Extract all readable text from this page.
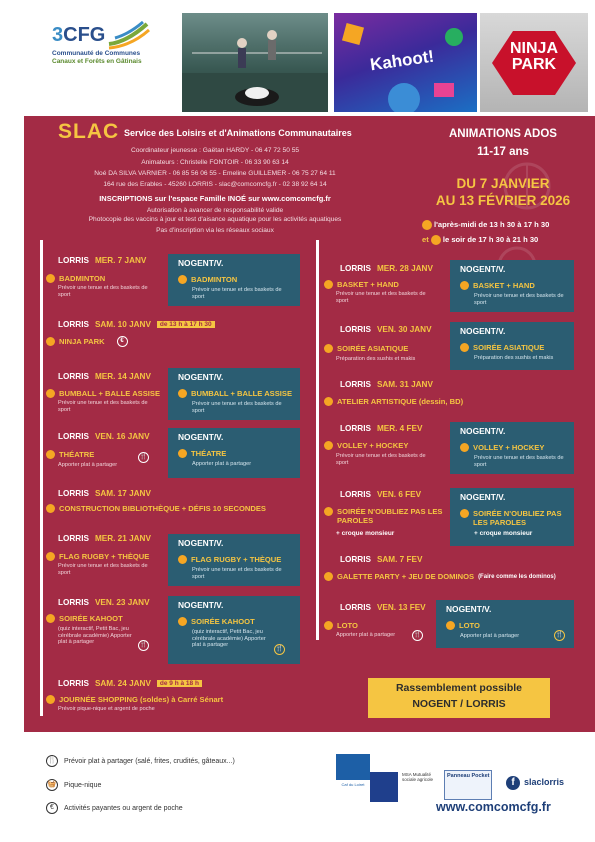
3 CFG
Communauté de Communes
Canaux et Forêts en Gâtinais	Kahoot!	NINJA PARK
SLAC Service des Loisirs et d'Animations Communautaires
Coordinateur jeunesse : Gaëtan HARDY - 06 47 72 50 55
Animateurs : Christelle FONTOIR - 06 33 90 63 14
Noé DA SILVA VARNIER - 06 85 56 06 55 - Emeline GUILLEMER - 06 75 27 64 11
164 rue des Erables - 45260 LORRIS - slac@comcomcfg.fr - 02 38 92 64 14
INSCRIPTIONS sur l'espace Famille INOÉ sur www.comcomcfg.fr
Autorisation à avancer de responsabilité valide
Photocopie des vaccins à jour et test d'aisance aquatique pour les activités aquatiques
Pas d'inscription via les réseaux sociaux
ANIMATIONS ADOS
11-17 ans
DU 7 JANVIER
AU 13 FÉVRIER 2026
l'après-midi de 13 h 30 à 17 h 30
et le soir de 17 h 30 à 21 h 30
LORRIS MER. 7 JANV
BADMINTON
Prévoir une tenue et des baskets de sport
NOGENT/V.
BADMINTON
Prévoir une tenue et des baskets de sport
LORRIS SAM. 10 JANV	de 13 h à 17 h 30
NINJA PARK	€
LORRIS MER. 14 JANV
BUMBALL + BALLE ASSISE
Prévoir une tenue et des baskets de sport
NOGENT/V.
BUMBALL + BALLE ASSISE
Prévoir une tenue et des baskets de sport
LORRIS VEN. 16 JANV
THÉATRE
Apporter plat à partager
🍴
NOGENT/V.
THÉATRE
Apporter plat à partager
LORRIS SAM. 17 JANV
CONSTRUCTION BIBLIOTHÈQUE + DÉFIS 10 SECONDES
LORRIS MER. 21 JANV
FLAG RUGBY + THÈQUE
Prévoir une tenue et des baskets de sport
NOGENT/V.
FLAG RUGBY + THÈQUE
Prévoir une tenue et des baskets de sport
LORRIS VEN. 23 JANV
SOIRÉE KAHOOT
(quiz interactif, Petit Bac, jeu cérébrale académie) Apporter plat à partager	🍴
NOGENT/V.
SOIRÉE KAHOOT
(quiz interactif, Petit Bac, jeu cérébrale académie) Apporter plat à partager
🍴
LORRIS SAM. 24 JANV	de 9 h à 18 h
JOURNÉE SHOPPING (soldes) à Carré Sénart
Prévoir pique-nique et argent de poche
LORRIS MER. 28 JANV
BASKET + HAND
Prévoir une tenue et des baskets de sport
NOGENT/V.
BASKET + HAND
Prévoir une tenue et des baskets de sport
LORRIS VEN. 30 JANV
SOIRÉE ASIATIQUE
Préparation des sushis et makis
NOGENT/V.
SOIRÉE ASIATIQUE
Préparation des sushis et makis
LORRIS SAM. 31 JANV
ATELIER ARTISTIQUE (dessin, BD)
LORRIS MER. 4 FEV
VOLLEY + HOCKEY
Prévoir une tenue et des baskets de sport
NOGENT/V.
VOLLEY + HOCKEY
Prévoir une tenue et des baskets de sport
LORRIS VEN. 6 FEV
SOIRÉE N'OUBLIEZ PAS LES PAROLES
+ croque monsieur
NOGENT/V.
SOIRÉE N'OUBLIEZ PAS LES PAROLES
+ croque monsieur
LORRIS SAM. 7 FEV
GALETTE PARTY + JEU DE DOMINOS (Faire comme les dominos)
LORRIS VEN. 13 FEV
LOTO
Apporter plat à partager	🍴
NOGENT/V.
LOTO
Apporter plat à partager	🍴
Rassemblement possible
NOGENT / LORRIS
🍴 Prévoir plat à partager (salé, frites, crudités, gâteaux...)
🧺 Pique-nique
€	Activités payantes ou argent de poche
Caf du Loiret
MSA Mutualité sociale agricole
Panneau Pocket
f	slaclorris
www.comcomcfg.fr
